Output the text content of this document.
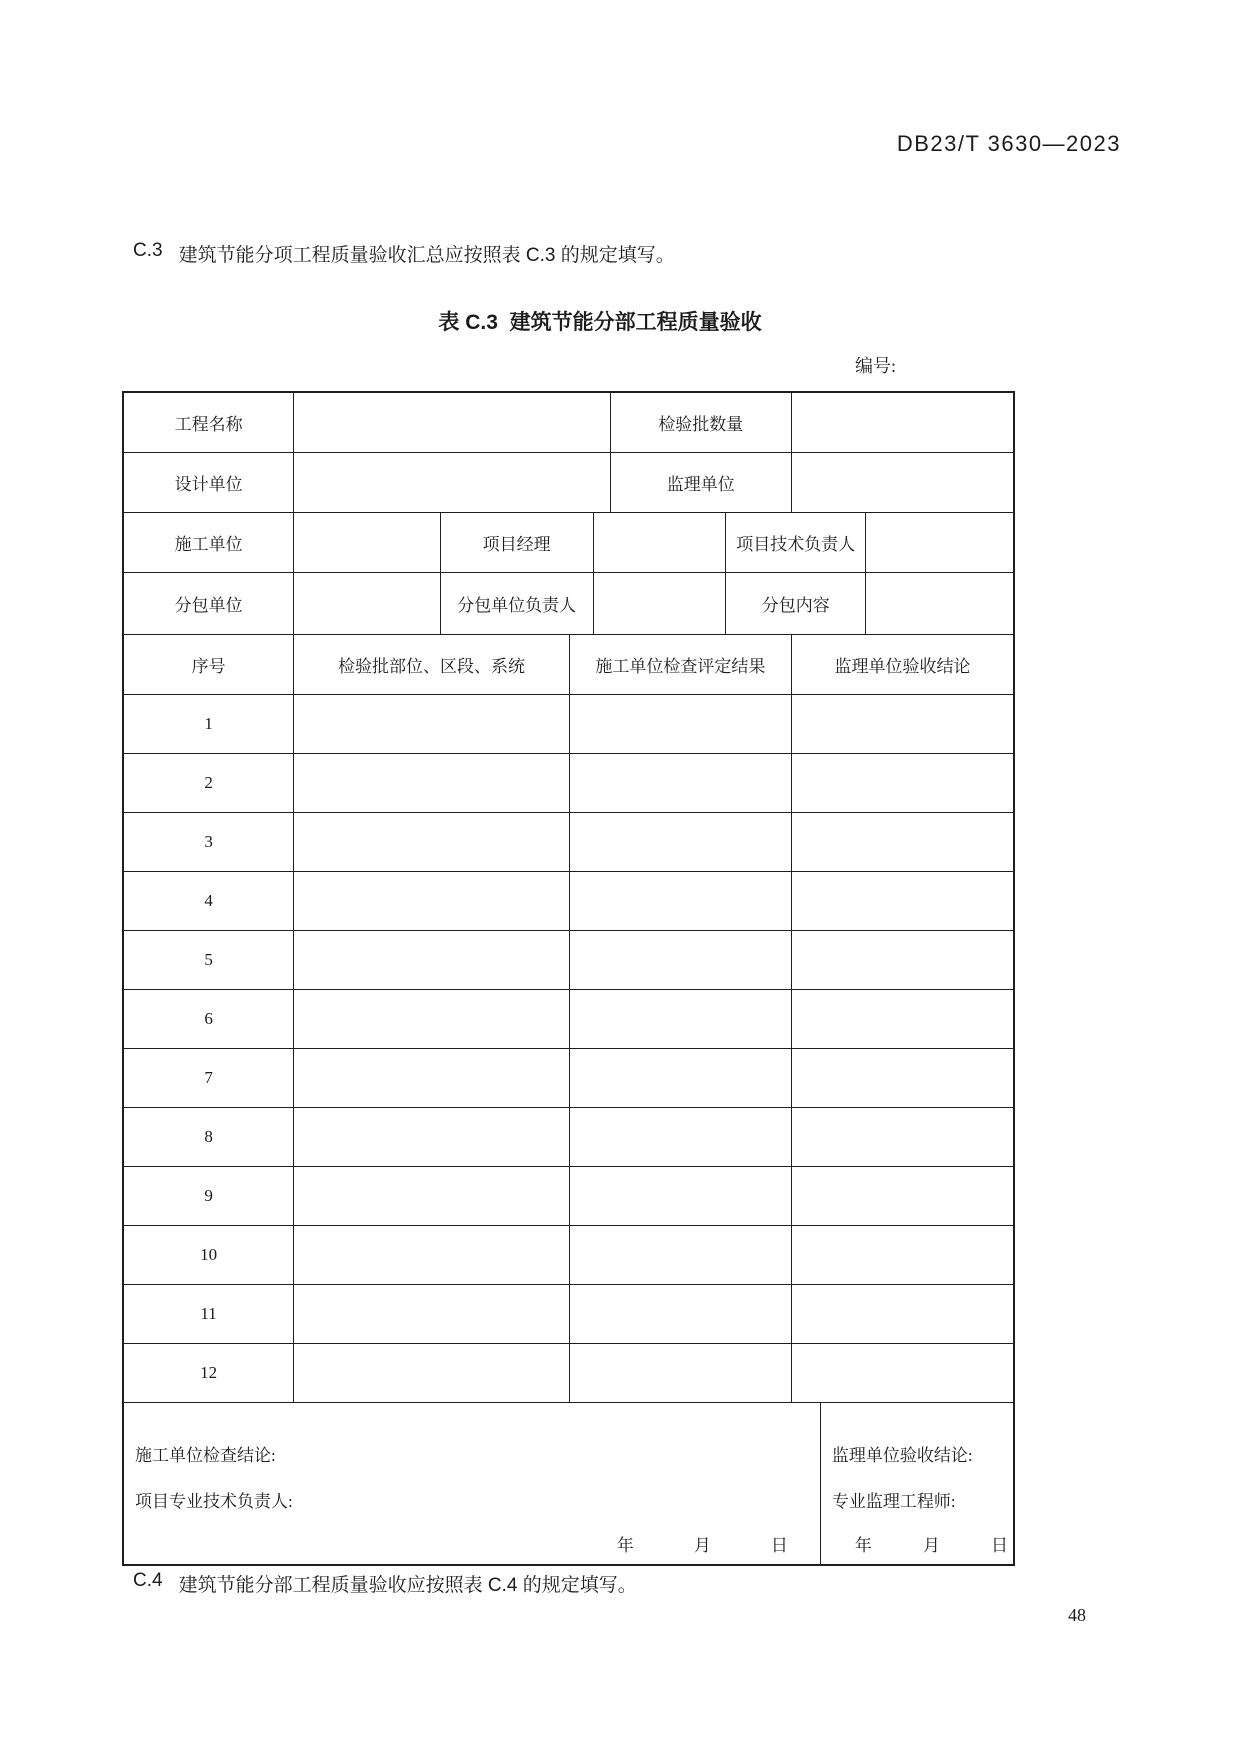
DB23/T 3630—2023
C.3 建筑节能分项工程质量验收汇总应按照表 C.3 的规定填写。
表 C.3  建筑节能分部工程质量验收
编号:
工程名称	检验批数量
设计单位	监理单位
施工单位	项目经理	项目技术负责人
分包单位	分包单位负责人	分包内容
序号	检验批部位、区段、系统	施工单位检查评定结果	监理单位验收结论
1
2
3
4
5
6
7
8
9
10
11
12
施工单位检查结论:
项目专业技术负责人:
年	月	日
监理单位验收结论:
专业监理工程师:
年	月	日
C.4 建筑节能分部工程质量验收应按照表 C.4 的规定填写。
48
